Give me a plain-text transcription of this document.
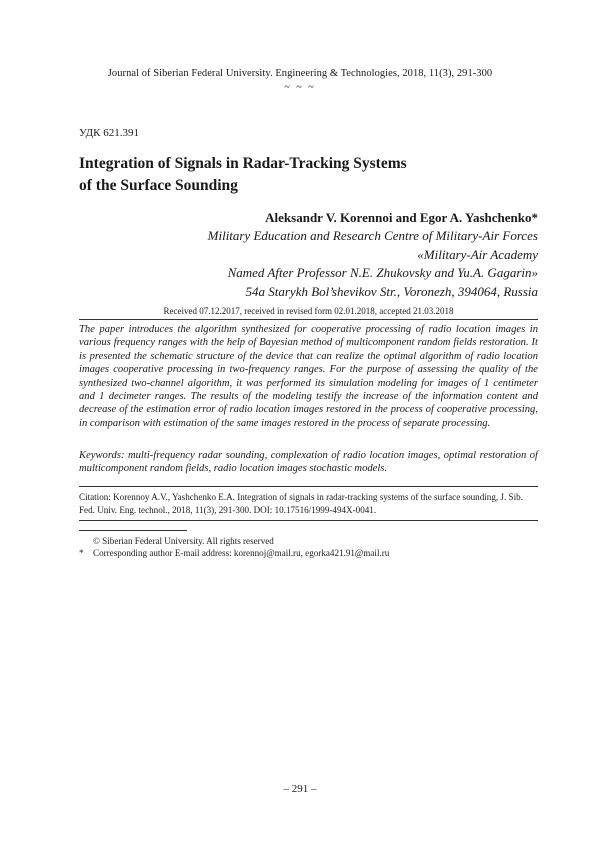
Journal of Siberian Federal University. Engineering & Technologies, 2018, 11(3), 291-300
~ ~ ~
УДК 621.391
Integration of Signals in Radar-Tracking Systems
of the Surface Sounding
Aleksandr V. Korennoi and Egor A. Yashchenko*
Military Education and Research Centre of Military-Air Forces
«Military-Air Academy
Named After Professor N.E. Zhukovsky and Yu.A. Gagarin»
54a Starykh Bol’shevikov Str., Voronezh, 394064, Russia
Received 07.12.2017, received in revised form 02.01.2018, accepted 21.03.2018

The paper introduces the algorithm synthesized for cooperative processing of radio location images in various frequency ranges with the help of Bayesian method of multicomponent random fields restoration. It is presented the schematic structure of the device that can realize the optimal algorithm of radio location images cooperative processing in two-frequency ranges. For the purpose of assessing the quality of the synthesized two-channel algorithm, it was performed its simulation modeling for images of 1 centimeter and 1 decimeter ranges. The results of the modeling testify the increase of the information content and decrease of the estimation error of radio location images restored in the process of cooperative processing, in comparison with estimation of the same images restored in the process of separate processing.

Keywords: multi-frequency radar sounding, complexation of radio location images, optimal restoration of multicomponent random fields, radio location images stochastic models.

Citation: Korennoy A.V., Yashchenko E.A. Integration of signals in radar-tracking systems of the surface sounding, J. Sib. Fed. Univ. Eng. technol., 2018, 11(3), 291-300. DOI: 10.17516/1999-494X-0041.

© Siberian Federal University. All rights reserved
*	Corresponding author E-mail address: korennoj@mail.ru, egorka421.91@mail.ru
– 291 –
